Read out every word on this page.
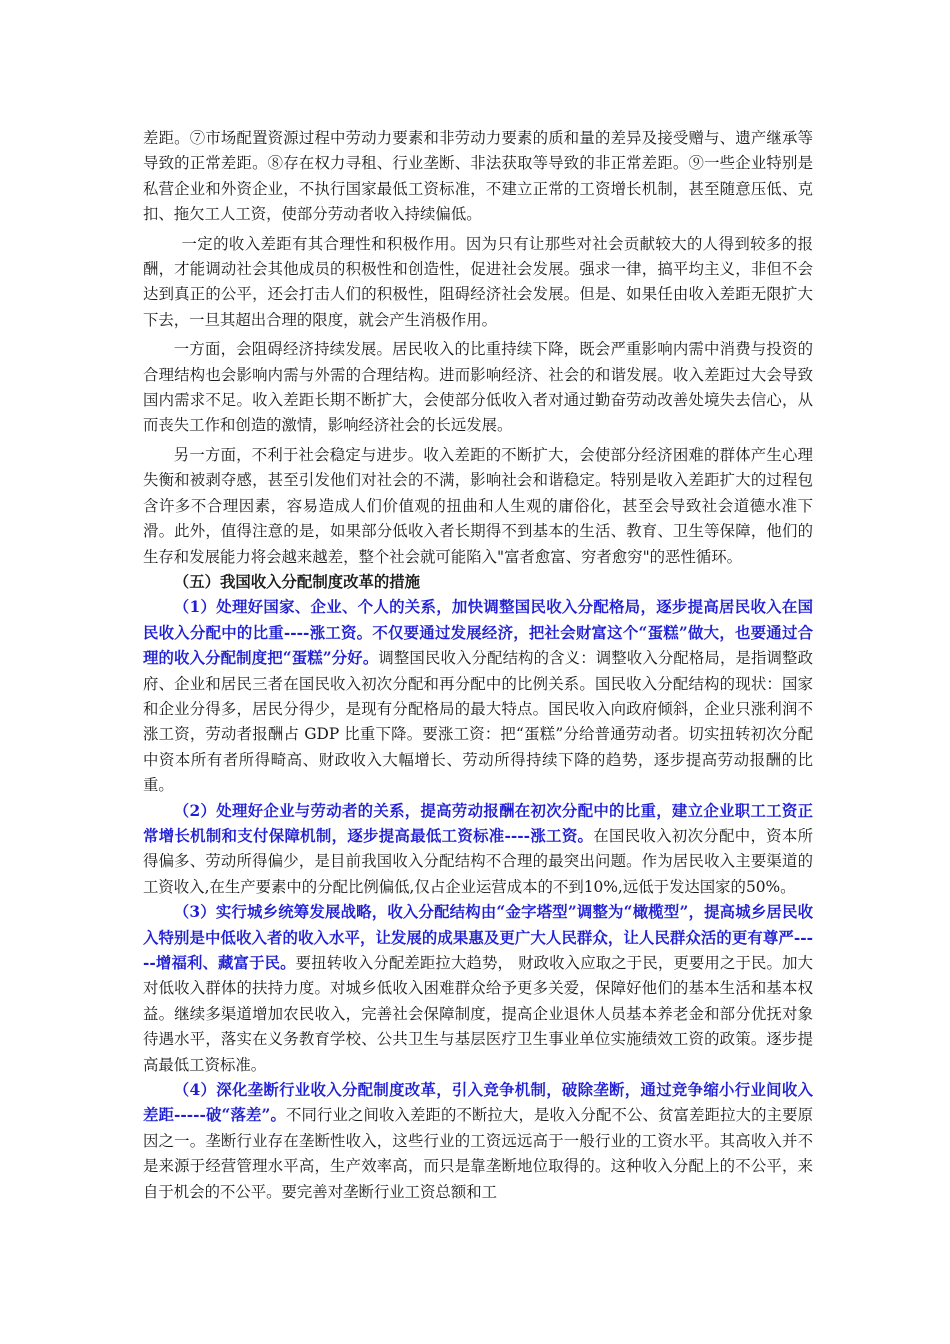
差距。⑦市场配置资源过程中劳动力要素和非劳动力要素的质和量的差异及接受赠与、遗产继承等导致的正常差距。⑧存在权力寻租、行业垄断、非法获取等导致的非正常差距。⑨一些企业特别是私营企业和外资企业，不执行国家最低工资标准，不建立正常的工资增长机制，甚至随意压低、克扣、拖欠工人工资，使部分劳动者收入持续偏低。

一定的收入差距有其合理性和积极作用。因为只有让那些对社会贡献较大的人得到较多的报酬，才能调动社会其他成员的积极性和创造性，促进社会发展。强求一律，搞平均主义，非但不会达到真正的公平，还会打击人们的积极性，阻碍经济社会发展。但是、如果任由收入差距无限扩大下去，一旦其超出合理的限度，就会产生消极作用。

一方面，会阻碍经济持续发展。居民收入的比重持续下降，既会严重影响内需中消费与投资的合理结构也会影响内需与外需的合理结构。进而影响经济、社会的和谐发展。收入差距过大会导致国内需求不足。收入差距长期不断扩大，会使部分低收入者对通过勤奋劳动改善处境失去信心，从而丧失工作和创造的激情，影响经济社会的长远发展。

另一方面，不利于社会稳定与进步。收入差距的不断扩大，会使部分经济困难的群体产生心理失衡和被剥夺感，甚至引发他们对社会的不满，影响社会和谐稳定。特别是收入差距扩大的过程包含许多不合理因素，容易造成人们价值观的扭曲和人生观的庸俗化，甚至会导致社会道德水准下滑。此外，值得注意的是，如果部分低收入者长期得不到基本的生活、教育、卫生等保障，他们的生存和发展能力将会越来越差，整个社会就可能陷入"富者愈富、穷者愈穷"的恶性循环。

（五）我国收入分配制度改革的措施

（1）处理好国家、企业、个人的关系，加快调整国民收入分配格局，逐步提高居民收入在国民收入分配中的比重----涨工资。不仅要通过发展经济，把社会财富这个“蛋糕”做大，也要通过合理的收入分配制度把“蛋糕”分好。调整国民收入分配结构的含义：调整收入分配格局，是指调整政府、企业和居民三者在国民收入初次分配和再分配中的比例关系。国民收入分配结构的现状：国家和企业分得多，居民分得少，是现有分配格局的最大特点。国民收入向政府倾斜，企业只涨利润不涨工资，劳动者报酬占 GDP 比重下降。要涨工资：把“蛋糕”分给普通劳动者。切实扭转初次分配中资本所有者所得畸高、财政收入大幅增长、劳动所得持续下降的趋势，逐步提高劳动报酬的比重。

（2）处理好企业与劳动者的关系，提高劳动报酬在初次分配中的比重，建立企业职工工资正常增长机制和支付保障机制，逐步提高最低工资标准----涨工资。在国民收入初次分配中，资本所得偏多、劳动所得偏少，是目前我国收入分配结构不合理的最突出问题。作为居民收入主要渠道的工资收入,在生产要素中的分配比例偏低,仅占企业运营成本的不到10%,远低于发达国家的50%。

（3）实行城乡统筹发展战略，收入分配结构由“金字塔型”调整为“橄榄型”，提高城乡居民收入特别是中低收入者的收入水平，让发展的成果惠及更广大人民群众，让人民群众活的更有尊严-----增福利、藏富于民。要扭转收入分配差距拉大趋势， 财政收入应取之于民，更要用之于民。加大对低收入群体的扶持力度。对城乡低收入困难群众给予更多关爱，保障好他们的基本生活和基本权益。继续多渠道增加农民收入，完善社会保障制度，提高企业退休人员基本养老金和部分优抚对象待遇水平，落实在义务教育学校、公共卫生与基层医疗卫生事业单位实施绩效工资的政策。逐步提高最低工资标准。

（4）深化垄断行业收入分配制度改革，引入竞争机制，破除垄断，通过竞争缩小行业间收入差距-----破“落差”。不同行业之间收入差距的不断拉大，是收入分配不公、贫富差距拉大的主要原因之一。垄断行业存在垄断性收入，这些行业的工资远远高于一般行业的工资水平。其高收入并不是来源于经营管理水平高，生产效率高，而只是靠垄断地位取得的。这种收入分配上的不公平，来自于机会的不公平。要完善对垄断行业工资总额和工
